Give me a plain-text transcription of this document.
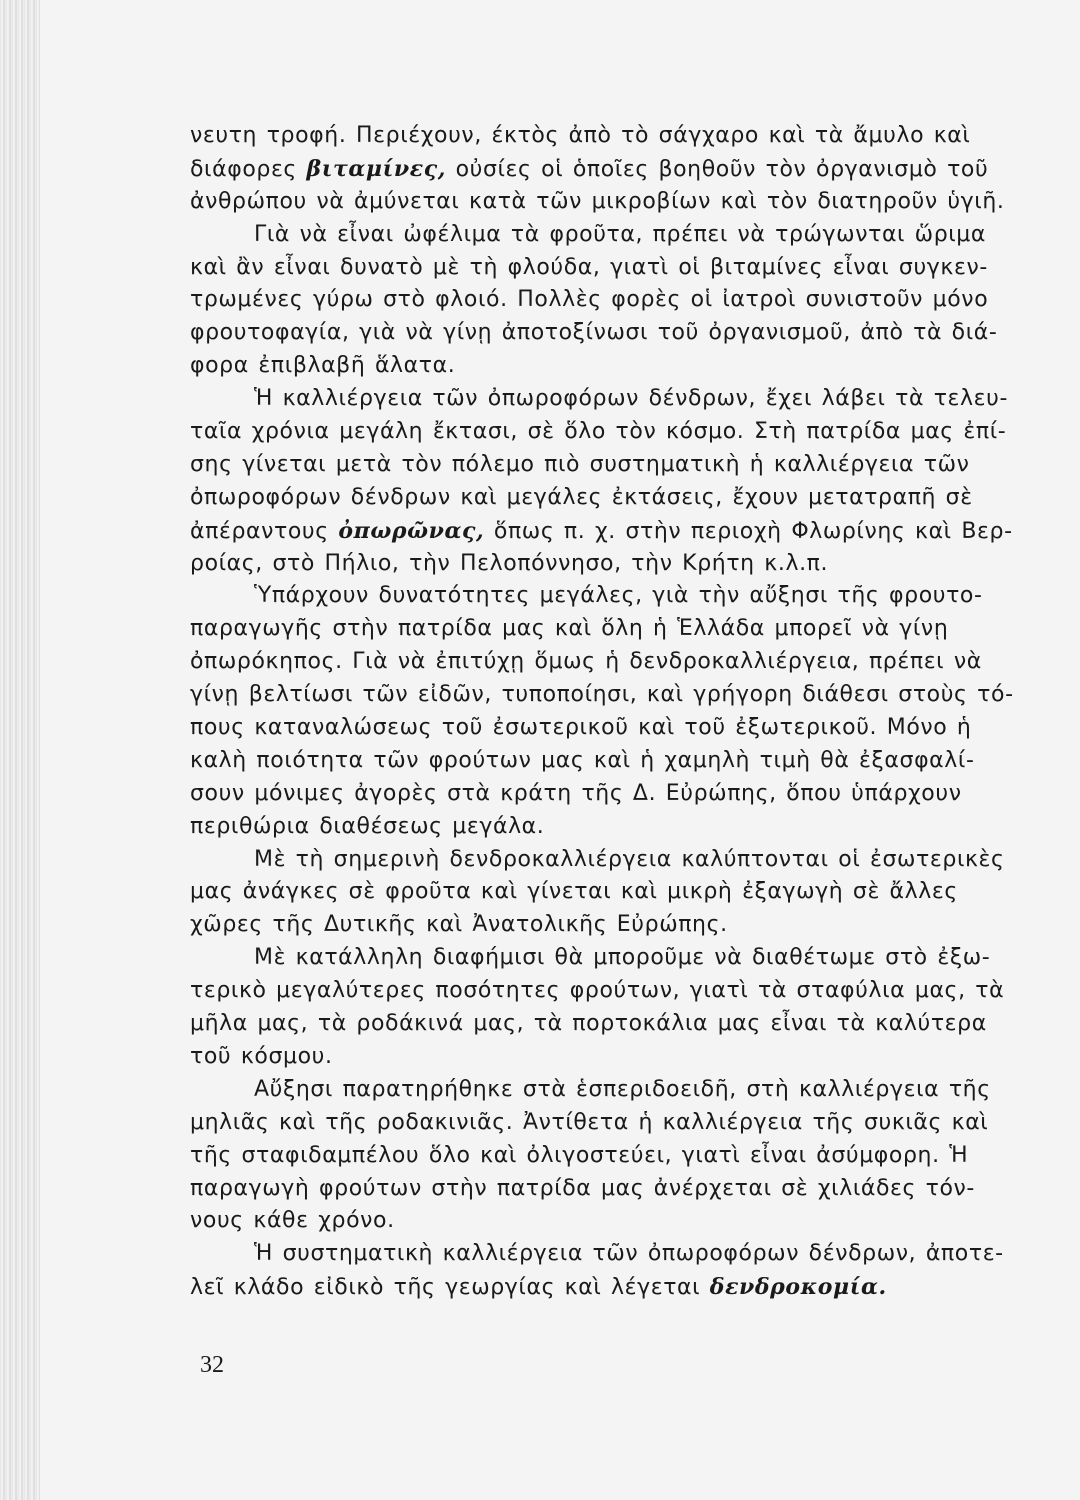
νευτη τροφή. Περιέχουν, έκτὸς ἀπὸ τὸ σάγχαρο καὶ τὰ ἄμυλο καὶ
διάφορες βιταμίνες, οὐσίες οἱ ὁποῖες βοηθοῦν τὸν ὀργανισμὸ τοῦ
ἀνθρώπου νὰ ἀμύνεται κατὰ τῶν μικροβίων καὶ τὸν διατηροῦν ὑγιῆ.
Γιὰ νὰ εἶναι ὠφέλιμα τὰ φροῦτα, πρέπει νὰ τρώγωνται ὥριμα
καὶ ἂν εἶναι δυνατὸ μὲ τὴ φλούδα, γιατὶ οἱ βιταμίνες εἶναι συγκεν-
τρωμένες γύρω στὸ φλοιό. Πολλὲς φορὲς οἱ ἰατροὶ συνιστοῦν μόνο
φρουτοφαγία, γιὰ νὰ γίνῃ ἀποτοξίνωσι τοῦ ὀργανισμοῦ, ἀπὸ τὰ διά-
φορα ἐπιβλαβῆ ἅλατα.
Ἡ καλλιέργεια τῶν ὀπωροφόρων δένδρων, ἔχει λάβει τὰ τελευ-
ταῖα χρόνια μεγάλη ἔκτασι, σὲ ὅλο τὸν κόσμο. Στὴ πατρίδα μας ἐπί-
σης γίνεται μετὰ τὸν πόλεμο πιὸ συστηματικὴ ἡ καλλιέργεια τῶν
ὀπωροφόρων δένδρων καὶ μεγάλες ἐκτάσεις, ἔχουν μετατραπῆ σὲ
ἀπέραντους ὀπωρῶνας, ὅπως π. χ. στὴν περιοχὴ Φλωρίνης καὶ Βερ-
ροίας, στὸ Πήλιο, τὴν Πελοπόννησο, τὴν Κρήτη κ.λ.π.
Ὑπάρχουν δυνατότητες μεγάλες, γιὰ τὴν αὔξησι τῆς φρουτο-
παραγωγῆς στὴν πατρίδα μας καὶ ὅλη ἡ Ἑλλάδα μπορεῖ νὰ γίνῃ
ὀπωρόκηπος. Γιὰ νὰ ἐπιτύχῃ ὅμως ἡ δενδροκαλλιέργεια, πρέπει νὰ
γίνῃ βελτίωσι τῶν εἰδῶν, τυποποίησι, καὶ γρήγορη διάθεσι στοὺς τό-
πους καταναλώσεως τοῦ ἐσωτερικοῦ καὶ τοῦ ἐξωτερικοῦ. Μόνο ἡ
καλὴ ποιότητα τῶν φρούτων μας καὶ ἡ χαμηλὴ τιμὴ θὰ ἐξασφαλί-
σουν μόνιμες ἀγορὲς στὰ κράτη τῆς Δ. Εὐρώπης, ὅπου ὑπάρχουν
περιθώρια διαθέσεως μεγάλα.
Μὲ τὴ σημερινὴ δενδροκαλλιέργεια καλύπτονται οἱ ἐσωτερικὲς
μας ἀνάγκες σὲ φροῦτα καὶ γίνεται καὶ μικρὴ ἐξαγωγὴ σὲ ἄλλες
χῶρες τῆς Δυτικῆς καὶ Ἀνατολικῆς Εὐρώπης.
Μὲ κατάλληλη διαφήμισι θὰ μποροῦμε νὰ διαθέτωμε στὸ ἐξω-
τερικὸ μεγαλύτερες ποσότητες φρούτων, γιατὶ τὰ σταφύλια μας, τὰ
μῆλα μας, τὰ ροδάκινά μας, τὰ πορτοκάλια μας εἶναι τὰ καλύτερα
τοῦ κόσμου.
Αὔξησι παρατηρήθηκε στὰ ἑσπεριδοειδῆ, στὴ καλλιέργεια τῆς
μηλιᾶς καὶ τῆς ροδακινιᾶς. Ἀντίθετα ἡ καλλιέργεια τῆς συκιᾶς καὶ
τῆς σταφιδαμπέλου ὅλο καὶ ὀλιγοστεύει, γιατὶ εἶναι ἀσύμφορη. Ἡ
παραγωγὴ φρούτων στὴν πατρίδα μας ἀνέρχεται σὲ χιλιάδες τόν-
νους κάθε χρόνο.
Ἡ συστηματικὴ καλλιέργεια τῶν ὀπωροφόρων δένδρων, ἀποτε-
λεῖ κλάδο εἰδικὸ τῆς γεωργίας καὶ λέγεται δενδροκομία.
32
